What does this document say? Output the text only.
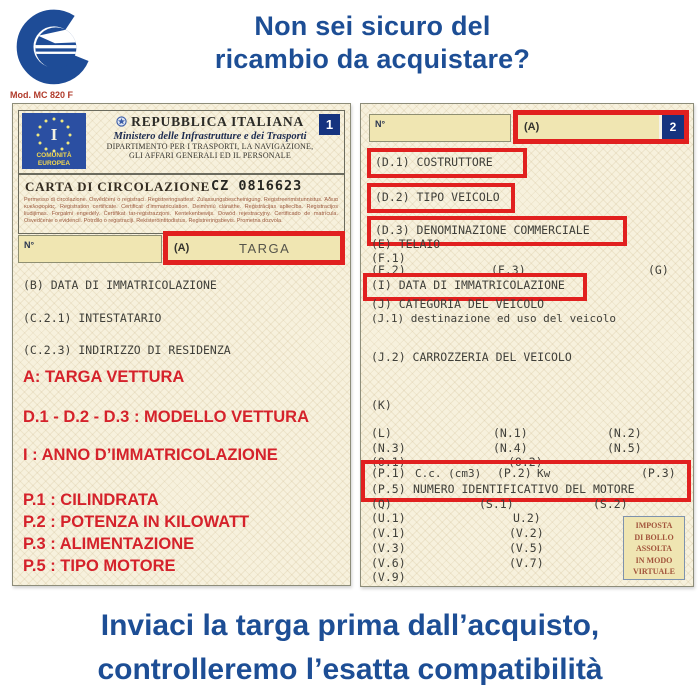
Non sei sicuro del
ricambio da acquistare?
Mod. MC 820 F
I
COMUNITÀ
EUROPEA
REPUBBLICA ITALIANA
Ministero delle Infrastrutture e dei Trasporti
DIPARTIMENTO PER I TRASPORTI, LA NAVIGAZIONE,
GLI AFFARI GENERALI ED IL PERSONALE
1
CARTA DI CIRCOLAZIONE CZ 0816623
Permesso di circolazione. Osvědčení o registraci. Registreringsattest. Zulassungsbescheinigung. Registreerimistunnistus. Άδεια κυκλοφορίας. Registration certificate. Certificat d’immatriculation. Deimhniú cláraithe. Reģistrācijas apliecība. Registracijos liudijimas. Forgalmi engedély. Ċertifikat tar-reġistrazzjoni. Kentekenbewijs. Dowód rejestracyjny. Certificado de matrícula. Osvedčenie o evidencii. Potrdilo o registraciji. Rekisteröintitodistus. Registreringsbevis. Prometna dozvola.
N°	(A)	TARGA
(B) DATA DI IMMATRICOLAZIONE
(C.2.1) INTESTATARIO
(C.2.3) INDIRIZZO DI RESIDENZA
A: TARGA VETTURA
D.1 - D.2 - D.3 : MODELLO VETTURA
I : ANNO D’IMMATRICOLAZIONE
P.1 : CILINDRATA
P.2 : POTENZA IN KILOWATT
P.3 : ALIMENTAZIONE
P.5 : TIPO MOTORE
N°	(A)	2
(D.1) COSTRUTTORE
(D.2) TIPO VEICOLO
(D.3) DENOMINAZIONE COMMERCIALE
(E) TELAIO
(F.1)
(F.2)	(F.3)	(G)
(I) DATA DI IMMATRICOLAZIONE
(J) CATEGORIA DEL VEICOLO
(J.1) destinazione ed uso del veicolo
(J.2) CARROZZERIA DEL VEICOLO
(K)
(L)	(N.1)	(N.2)
(N.3)	(N.4)	(N.5)
(O.1)	(O.2)
(P.1) C.c. (cm3) (P.2) Kw	(P.3)
(P.5) NUMERO IDENTIFICATIVO DEL MOTORE
(Q)	(S.1)	(S.2)
(U.1)	U.2)
(V.1)	(V.2)
(V.3)	(V.5)
(V.6)	(V.7)
(V.9)
IMPOSTA
DI BOLLO
ASSOLTA
IN MODO
VIRTUALE
Inviaci la targa prima dall’acquisto,
controlleremo l’esatta compatibilità
